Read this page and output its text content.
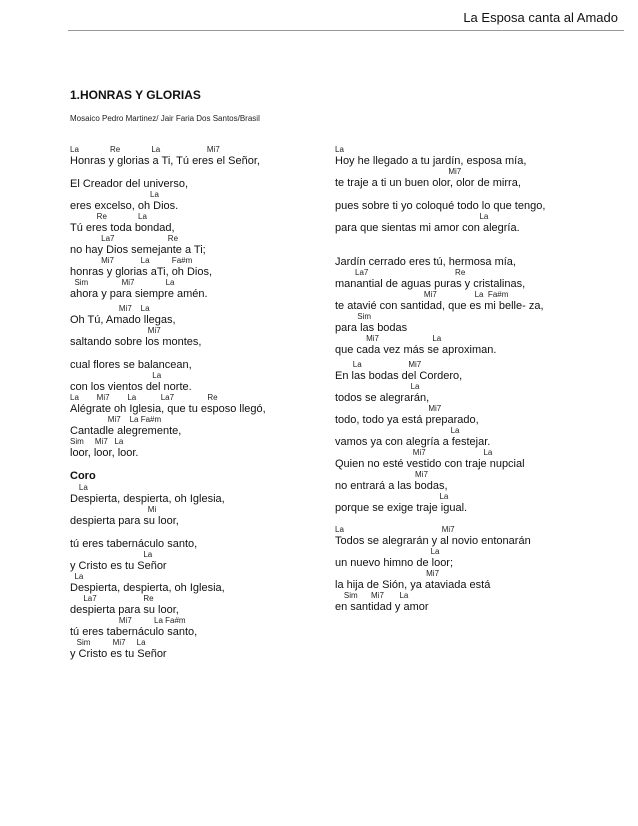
La Esposa canta al Amado
1.HONRAS Y GLORIAS
Mosaico Pedro Martinez/ Jair Faria Dos Santos/Brasil
La              Re              La                     Mi7
Honras y glorias a Ti, Tú eres el Señor,
El Creador del universo,
La
eres excelso, oh Dios.
Re              La
Tú eres toda bondad,
La7                        Re
no hay Dios semejante a Ti;
Mi7            La          Fa#m
honras y glorias aTi, oh Dios,
Sim               Mi7              La
ahora y para siempre amén.
Mi7    La
Oh Tú, Amado llegas,
Mi7
saltando sobre los montes,
cual flores se balancean,
La
con los vientos del norte.
La        Mi7        La           La7               Re
Alégrate oh Iglesia, que tu esposo llegó,
Mi7    La Fa#m
Cantadle alegremente,
Sim     Mi7   La
loor, loor, loor.
Coro
La
Despierta, despierta, oh Iglesia,
Mi
despierta para su loor,
tú eres tabernáculo santo,
La
y Cristo es tu Señor
La
Despierta, despierta, oh Iglesia,
La7                     Re
despierta para su loor,
Mi7          La Fa#m
tú eres tabernáculo santo,
Sim          Mi7     La
y Cristo es tu Señor
La
Hoy he llegado a tu jardín, esposa mía,
Mi7
te traje a ti un buen olor, olor de mirra,
pues sobre ti yo coloqué todo lo que tengo,
La
para que sientas mi amor con alegría.
Jardín cerrado eres tú, hermosa mía,
La7                                       Re
manantial de aguas puras y cristalinas,
Mi7                 La  Fa#m
te atavié con santidad, que es mi belle- za,
Sim
para las bodas
Mi7                        La
que cada vez más se aproximan.
La                     Mi7
En las bodas del Cordero,
La
todos se alegrarán,
Mi7
todo, todo ya está preparado,
La
vamos ya con alegría a festejar.
Mi7                          La
Quien no esté vestido con traje nupcial
Mi7
no entrará a las bodas,
La
porque se exige traje igual.
La                                            Mi7
Todos se alegrarán y al novio entonarán
La
un nuevo himno de loor;
Mi7
la hija de Sión, ya ataviada está
Sim      Mi7       La
en santidad y amor
